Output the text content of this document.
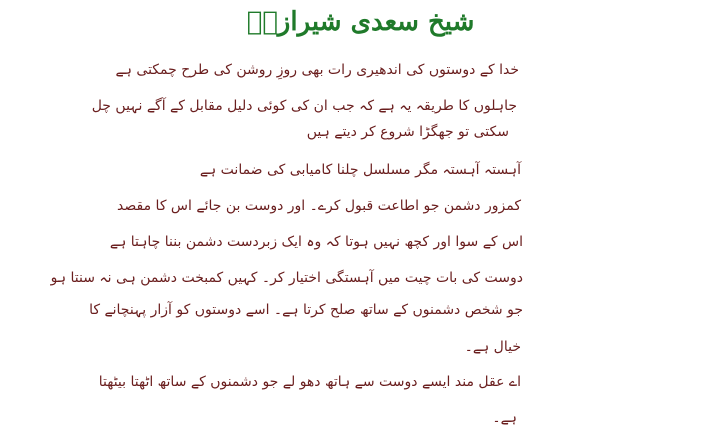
شیخ سعدی شیرازیؒ
خدا کے دوستوں کی اندھیری رات بھی روزِ روشن کی طرح چمکتی ہے
جاہلوں کا طریقہ یہ ہے کہ جب ان کی کوئی دلیل مقابل کے آگے نہیں چل
سکتی تو جھگڑا شروع کر دیتے ہیں
آہستہ آہستہ مگر مسلسل چلنا کامیابی کی ضمانت ہے
کمزور دشمن جو اطاعت قبول کرے۔ اور دوست بن جائے اس کا مقصد
اس کے سوا اور کچھ نہیں ہوتا کہ وہ ایک زبردست دشمن بننا چاہتا ہے
دوست کی بات چیت میں آہستگی اختیار کر۔ کہیں کمبخت دشمن ہی نہ سنتا ہو
جو شخص دشمنوں کے ساتھ صلح کرتا ہے۔ اسے دوستوں کو آزار پہنچانے کا
خیال ہے۔
اے عقل مند ایسے دوست سے ہاتھ دھو لے جو دشمنوں کے ساتھ اٹھتا بیٹھتا
ہے۔
